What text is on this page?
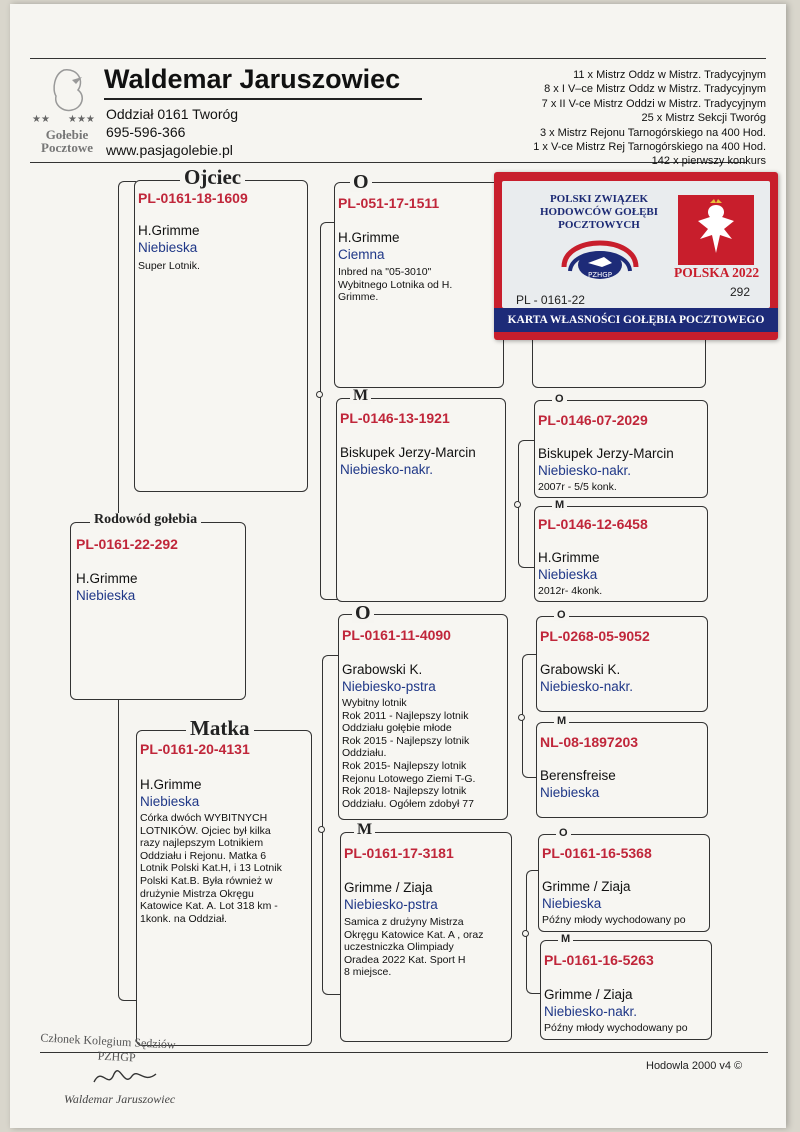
★★ ★★★
Gołebie Pocztowe
Waldemar Jaruszowiec
Oddział 0161 Tworóg
695-596-366
www.pasjagolebie.pl
11 x Mistrz Oddz w Mistrz. Tradycyjnym
8 x I V–ce Mistrz Oddz w Mistrz. Tradycyjnym
7 x II V-ce Mistrz Oddzi w Mistrz. Tradycyjnym
25 x Mistrz Sekcji Tworóg
3 x Mistrz Rejonu Tarnogórskiego na 400 Hod.
1 x V-ce Mistrz Rej Tarnogórskiego na 400 Hod.
142 x pierwszy konkurs
Rodowód gołebia
PL-0161-22-292
H.Grimme
Niebieska
Ojciec
PL-0161-18-1609
H.Grimme
Niebieska
Super Lotnik.
Matka
PL-0161-20-4131
H.Grimme
Niebieska
Córka dwóch WYBITNYCH
LOTNIKÓW. Ojciec był kilka
razy najlepszym Lotnikiem
Oddziału i Rejonu. Matka 6
Lotnik Polski Kat.H, i 13 Lotnik
Polski Kat.B. Była również w
drużynie Mistrza Okręgu
Katowice Kat. A. Lot 318 km -
1konk. na Oddział.
O
PL-051-17-1511
H.Grimme
Ciemna
Inbred na "05-3010"
Wybitnego Lotnika od H.
Grimme.
M
PL-0146-13-1921
Biskupek Jerzy-Marcin
Niebiesko-nakr.
O
PL-0161-11-4090
Grabowski K.
Niebiesko-pstra
Wybitny lotnik
Rok 2011 - Najlepszy lotnik
Oddziału gołębie młode
Rok 2015 - Najlepszy lotnik
Oddziału.
Rok 2015- Najlepszy lotnik
Rejonu Lotowego Ziemi T-G.
Rok 2018- Najlepszy lotnik
Oddziału. Ogółem zdobył 77
M
PL-0161-17-3181
Grimme / Ziaja
Niebiesko-pstra
Samica z drużyny Mistrza
Okręgu Katowice Kat. A , oraz
uczestniczka Olimpiady
Oradea 2022 Kat. Sport H
8 miejsce.
O
PL-0146-07-2029
Biskupek Jerzy-Marcin
Niebiesko-nakr.
2007r - 5/5 konk.
M
PL-0146-12-6458
H.Grimme
Niebieska
2012r- 4konk.
O
PL-0268-05-9052
Grabowski K.
Niebiesko-nakr.
M
NL-08-1897203
Berensfreise
Niebieska
O
PL-0161-16-5368
Grimme / Ziaja
Niebieska
Późny młody wychodowany po
M
PL-0161-16-5263
Grimme / Ziaja
Niebiesko-nakr.
Późny młody wychodowany po
POLSKI ZWIĄZEK HODOWCÓW GOŁĘBI POCZTOWYCH
PZHGP	POLSKA 2022
PL - 0161-22
292
KARTA WŁASNOŚCI GOŁĘBIA POCZTOWEGO
Członek Kolegium Sędziów
PZHGP
Waldemar Jaruszowiec
Hodowla 2000 v4 ©
